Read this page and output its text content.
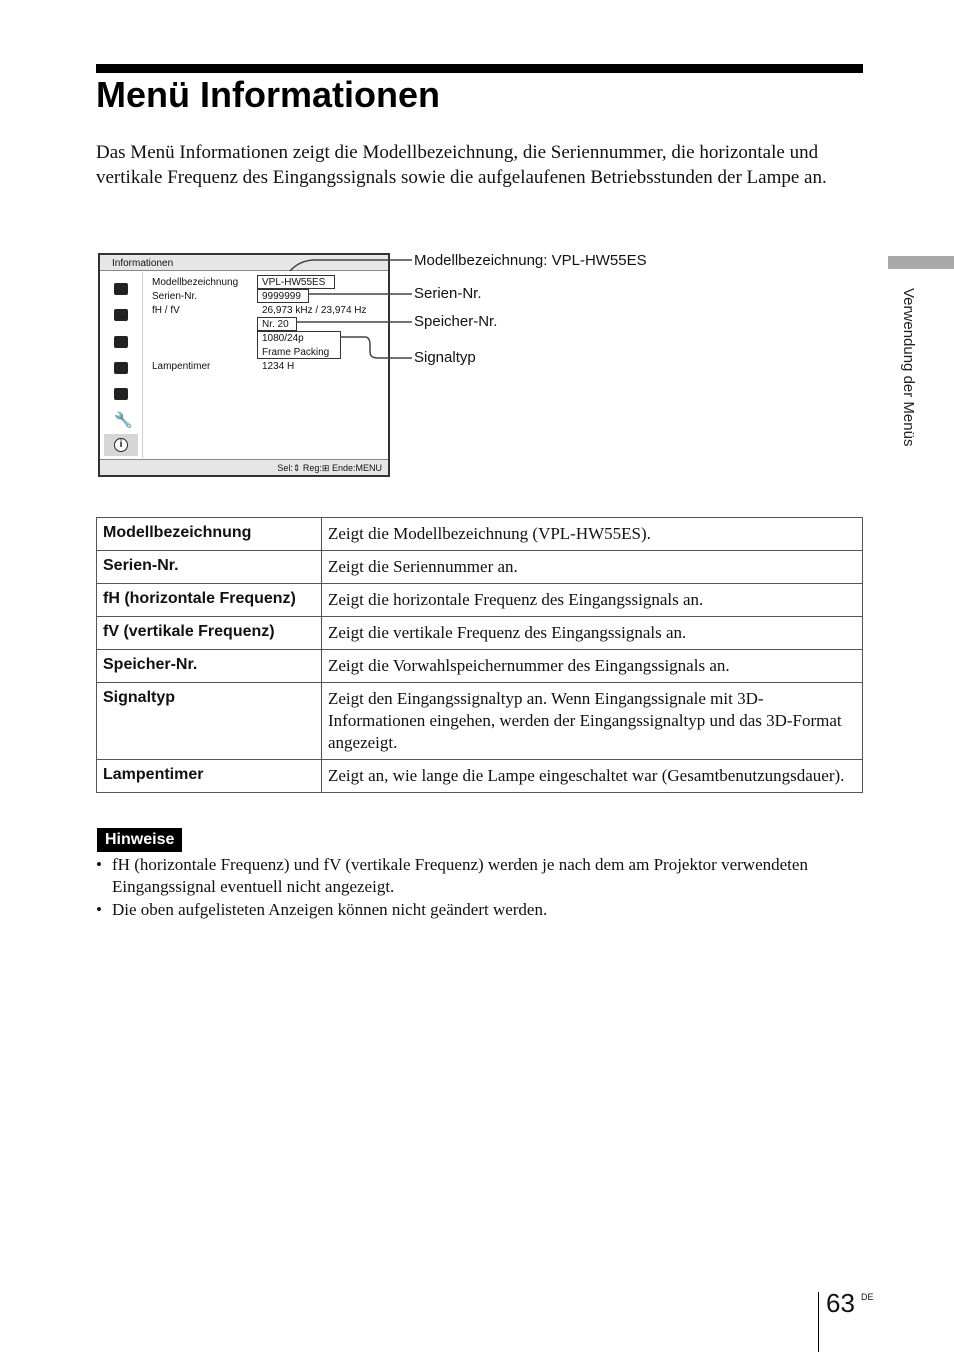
Menü Informationen

Das Menü Informationen zeigt die Modellbezeichnung, die Seriennummer, die horizontale und vertikale Frequenz des Eingangssignals sowie die aufgelaufenen Betriebsstunden der Lampe an.

Verwendung der Menüs
Informationen
🔧
i
Modellbezeichnung VPL-HW55ES
Serien-Nr.	9999999
fH / fV	26,973 kHz / 23,974 Hz
Nr. 20
1080/24p
Frame Packing
Lampentimer	1234 H
Sel:⇕ Reg:⊞ Ende:MENU
Modellbezeichnung: VPL-HW55ES
Serien-Nr.
Speicher-Nr.
Signaltyp
Modellbezeichnung	Zeigt die Modellbezeichnung (VPL-HW55ES).
Serien-Nr.	Zeigt die Seriennummer an.
fH (horizontale Frequenz)	Zeigt die horizontale Frequenz des Eingangssignals an.
fV (vertikale Frequenz)	Zeigt die vertikale Frequenz des Eingangssignals an.
Speicher-Nr.	Zeigt die Vorwahlspeichernummer des Eingangssignals an.
Signaltyp	Zeigt den Eingangssignaltyp an. Wenn Eingangssignale mit 3D-Informationen eingehen, werden der Eingangssignaltyp und das 3D-Format angezeigt.
Lampentimer	Zeigt an, wie lange die Lampe eingeschaltet war (Gesamtbenutzungsdauer).
Hinweise
• fH (horizontale Frequenz) und fV (vertikale Frequenz) werden je nach dem am Projektor verwendeten Eingangssignal eventuell nicht angezeigt.
• Die oben aufgelisteten Anzeigen können nicht geändert werden.
63 DE
